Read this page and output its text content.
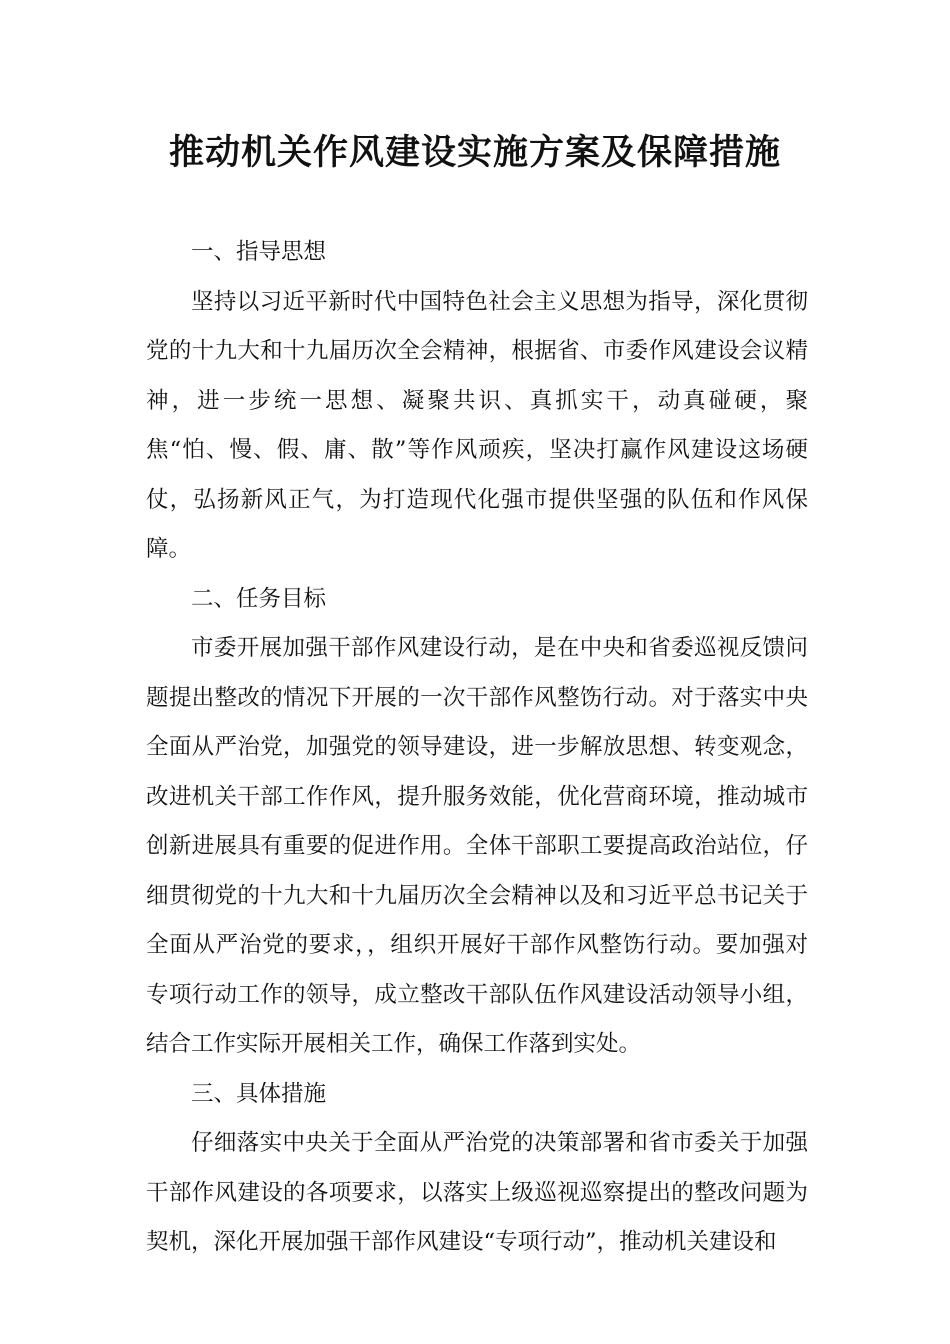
推动机关作风建设实施方案及保障措施
一、指导思想

坚持以习近平新时代中国特色社会主义思想为指导，深化贯彻党的十九大和十九届历次全会精神，根据省、市委作风建设会议精神，进一步统一思想、凝聚共识、真抓实干，动真碰硬，聚焦“怕、慢、假、庸、散”等作风顽疾，坚决打赢作风建设这场硬仗，弘扬新风正气，为打造现代化强市提供坚强的队伍和作风保障。

二、任务目标

市委开展加强干部作风建设行动，是在中央和省委巡视反馈问题提出整改的情况下开展的一次干部作风整饬行动。对于落实中央全面从严治党，加强党的领导建设，进一步解放思想、转变观念，改进机关干部工作作风，提升服务效能，优化营商环境，推动城市创新进展具有重要的促进作用。全体干部职工要提高政治站位，仔细贯彻党的十九大和十九届历次全会精神以及和习近平总书记关于全面从严治党的要求，，组织开展好干部作风整饬行动。要加强对专项行动工作的领导，成立整改干部队伍作风建设活动领导小组，结合工作实际开展相关工作，确保工作落到实处。

三、具体措施

仔细落实中央关于全面从严治党的决策部署和省市委关于加强干部作风建设的各项要求，以落实上级巡视巡察提出的整改问题为契机，深化开展加强干部作风建设“专项行动”，推动机关建设和
